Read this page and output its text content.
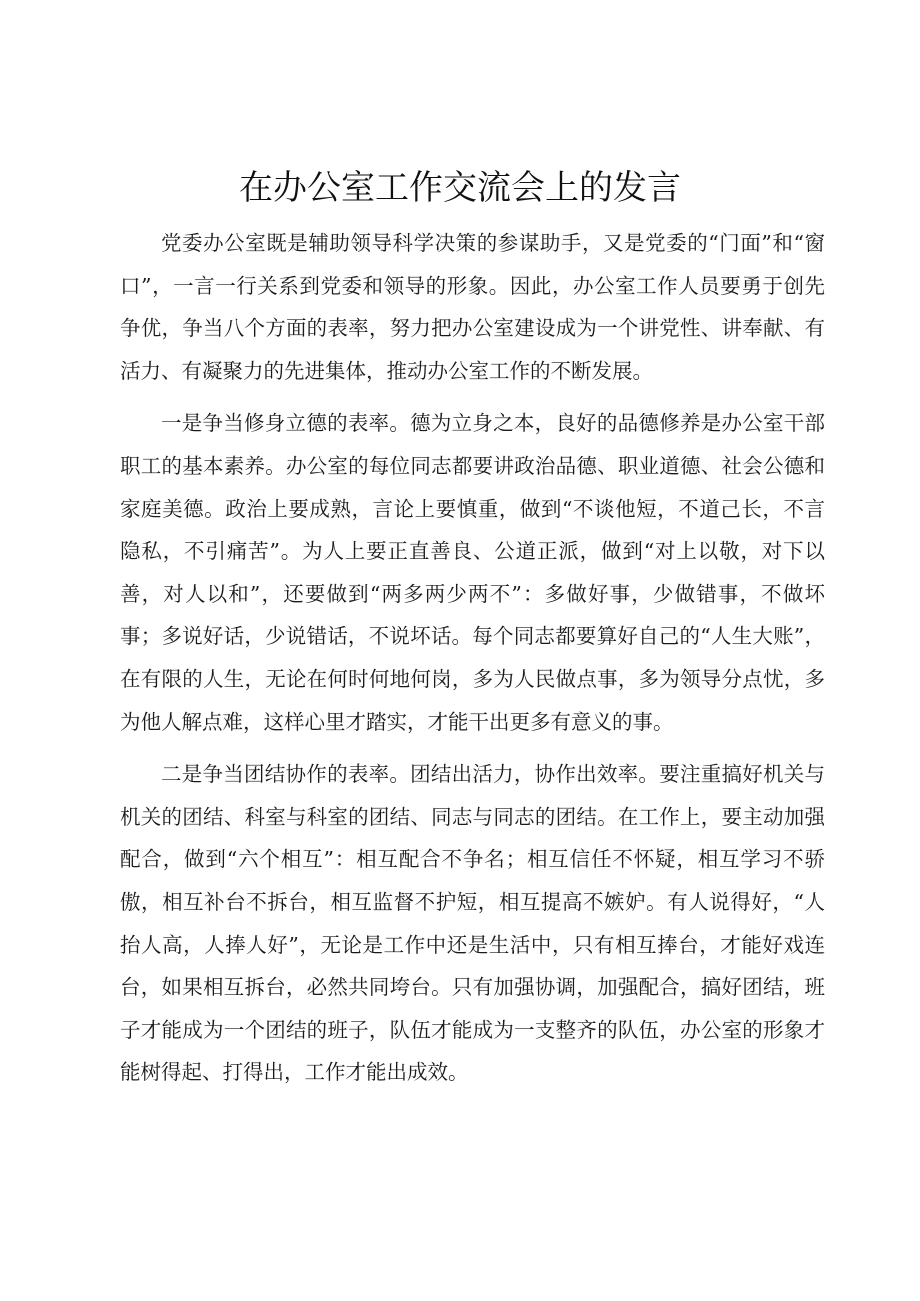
在办公室工作交流会上的发言

党委办公室既是辅助领导科学决策的参谋助手，又是党委的“门面”和“窗口”，一言一行关系到党委和领导的形象。因此，办公室工作人员要勇于创先争优，争当八个方面的表率，努力把办公室建设成为一个讲党性、讲奉献、有活力、有凝聚力的先进集体，推动办公室工作的不断发展。

一是争当修身立德的表率。德为立身之本，良好的品德修养是办公室干部职工的基本素养。办公室的每位同志都要讲政治品德、职业道德、社会公德和家庭美德。政治上要成熟，言论上要慎重，做到“不谈他短，不道己长，不言隐私，不引痛苦”。为人上要正直善良、公道正派，做到“对上以敬，对下以善，对人以和”，还要做到“两多两少两不”：多做好事，少做错事，不做坏事；多说好话，少说错话，不说坏话。每个同志都要算好自己的“人生大账”，在有限的人生，无论在何时何地何岗，多为人民做点事，多为领导分点忧，多为他人解点难，这样心里才踏实，才能干出更多有意义的事。

二是争当团结协作的表率。团结出活力，协作出效率。要注重搞好机关与机关的团结、科室与科室的团结、同志与同志的团结。在工作上，要主动加强配合，做到“六个相互”：相互配合不争名；相互信任不怀疑，相互学习不骄傲，相互补台不拆台，相互监督不护短，相互提高不嫉妒。有人说得好，“人抬人高，人捧人好”，无论是工作中还是生活中，只有相互捧台，才能好戏连台，如果相互拆台，必然共同垮台。只有加强协调，加强配合，搞好团结，班子才能成为一个团结的班子，队伍才能成为一支整齐的队伍，办公室的形象才能树得起、打得出，工作才能出成效。
